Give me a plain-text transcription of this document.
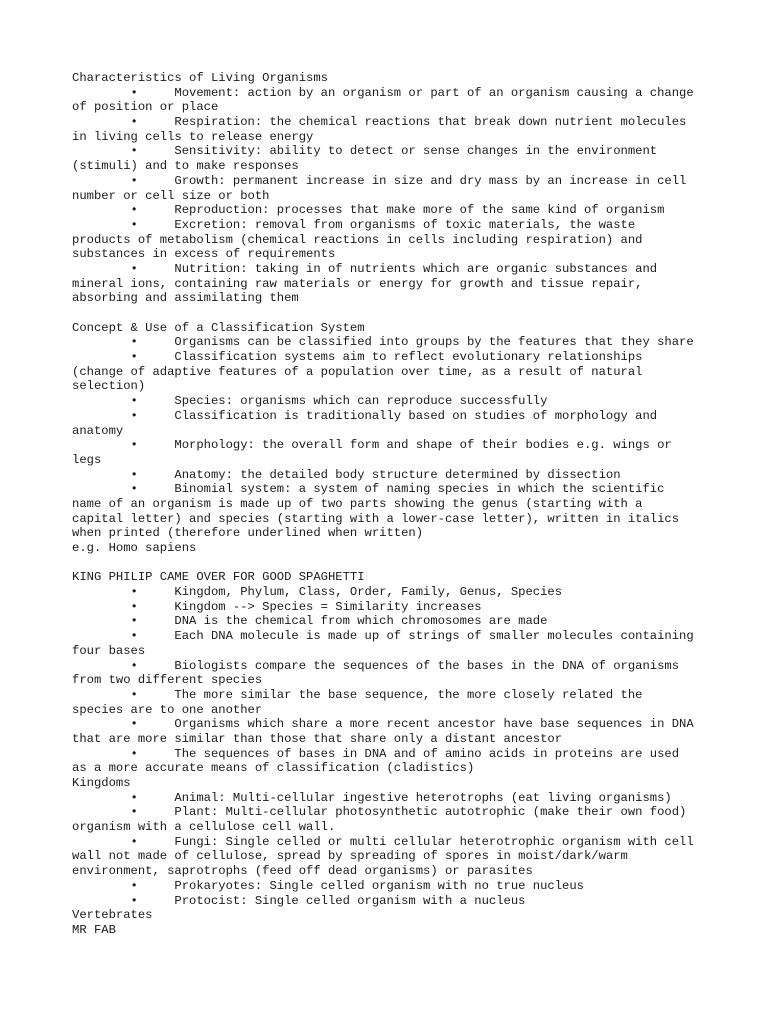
Characteristics of Living Organisms
•     Movement: action by an organism or part of an organism causing a change
of position or place
•     Respiration: the chemical reactions that break down nutrient molecules
in living cells to release energy
•     Sensitivity: ability to detect or sense changes in the environment
(stimuli) and to make responses
•     Growth: permanent increase in size and dry mass by an increase in cell
number or cell size or both
•     Reproduction: processes that make more of the same kind of organism
•     Excretion: removal from organisms of toxic materials, the waste
products of metabolism (chemical reactions in cells including respiration) and
substances in excess of requirements
•     Nutrition: taking in of nutrients which are organic substances and
mineral ions, containing raw materials or energy for growth and tissue repair,
absorbing and assimilating them
Concept & Use of a Classification System
•     Organisms can be classified into groups by the features that they share
•     Classification systems aim to reflect evolutionary relationships
(change of adaptive features of a population over time, as a result of natural
selection)
•     Species: organisms which can reproduce successfully
•     Classification is traditionally based on studies of morphology and
anatomy
•     Morphology: the overall form and shape of their bodies e.g. wings or
legs
•     Anatomy: the detailed body structure determined by dissection
•     Binomial system: a system of naming species in which the scientific
name of an organism is made up of two parts showing the genus (starting with a
capital letter) and species (starting with a lower-case letter), written in italics
when printed (therefore underlined when written)
e.g. Homo sapiens
KING PHILIP CAME OVER FOR GOOD SPAGHETTI
•     Kingdom, Phylum, Class, Order, Family, Genus, Species
•     Kingdom --> Species = Similarity increases
•     DNA is the chemical from which chromosomes are made
•     Each DNA molecule is made up of strings of smaller molecules containing
four bases
•     Biologists compare the sequences of the bases in the DNA of organisms
from two different species
•     The more similar the base sequence, the more closely related the
species are to one another
•     Organisms which share a more recent ancestor have base sequences in DNA
that are more similar than those that share only a distant ancestor
•     The sequences of bases in DNA and of amino acids in proteins are used
as a more accurate means of classification (cladistics)
Kingdoms
•     Animal: Multi-cellular ingestive heterotrophs (eat living organisms)
•     Plant: Multi-cellular photosynthetic autotrophic (make their own food)
organism with a cellulose cell wall.
•     Fungi: Single celled or multi cellular heterotrophic organism with cell
wall not made of cellulose, spread by spreading of spores in moist/dark/warm
environment, saprotrophs (feed off dead organisms) or parasites
•     Prokaryotes: Single celled organism with no true nucleus
•     Protocist: Single celled organism with a nucleus
Vertebrates
MR FAB
